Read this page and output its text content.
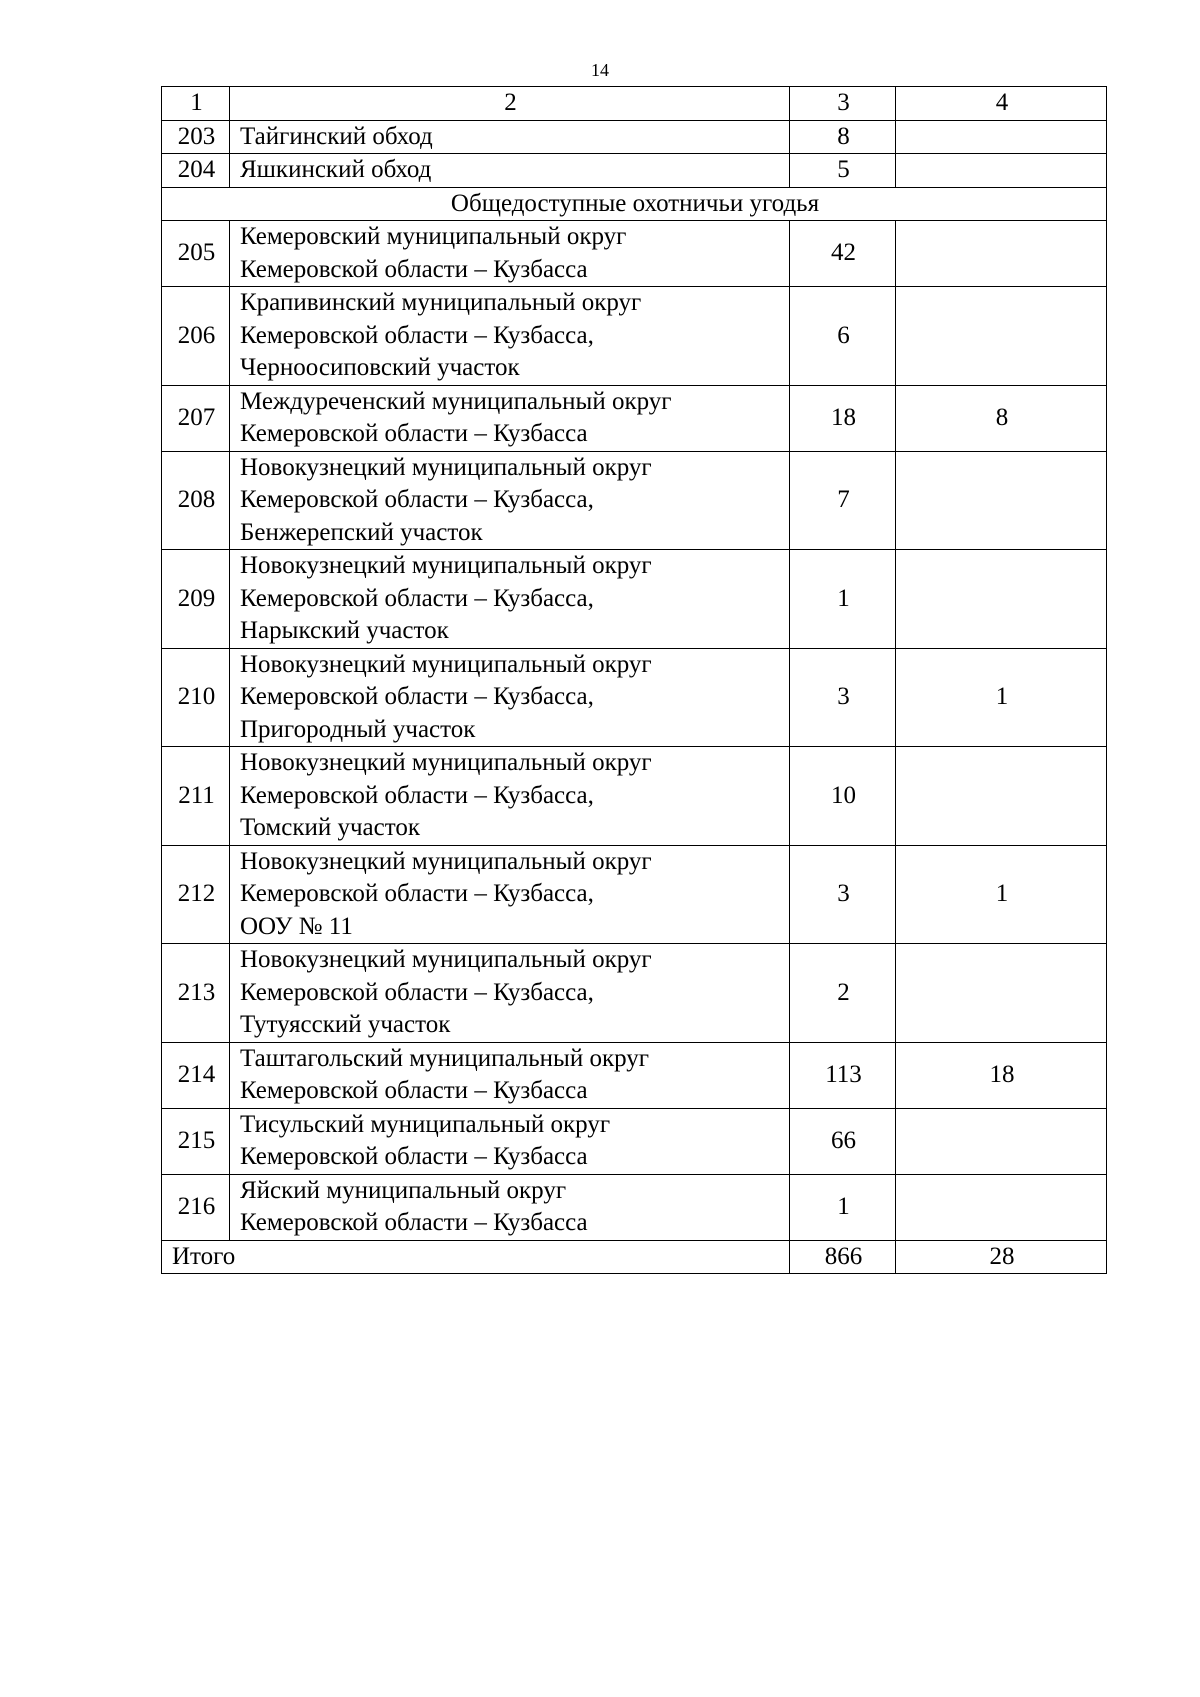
14
1	2	3	4
203	Тайгинский обход	8	
204	Яшкинский обход	5	
Общедоступные охотничьи угодья			
205	Кемеровский муниципальный округ
Кемеровской области – Кузбасса	42	
206	Крапивинский муниципальный округ
Кемеровской области – Кузбасса,
Черноосиповский участок	6	
207	Междуреченский муниципальный округ
Кемеровской области – Кузбасса	18	8
208	Новокузнецкий муниципальный округ
Кемеровской области – Кузбасса,
Бенжерепский участок	7	
209	Новокузнецкий муниципальный округ
Кемеровской области – Кузбасса,
Нарыкский участок	1	
210	Новокузнецкий муниципальный округ
Кемеровской области – Кузбасса,
Пригородный участок	3	1
211	Новокузнецкий муниципальный округ
Кемеровской области – Кузбасса,
Томский участок	10	
212	Новокузнецкий муниципальный округ
Кемеровской области – Кузбасса,
ООУ № 11	3	1
213	Новокузнецкий муниципальный округ
Кемеровской области – Кузбасса,
Тутуясский участок	2	
214	Таштагольский муниципальный округ
Кемеровской области – Кузбасса	113	18
215	Тисульский муниципальный округ
Кемеровской области – Кузбасса	66	
216	Яйский муниципальный округ
Кемеровской области – Кузбасса	1	
Итого		866	28
